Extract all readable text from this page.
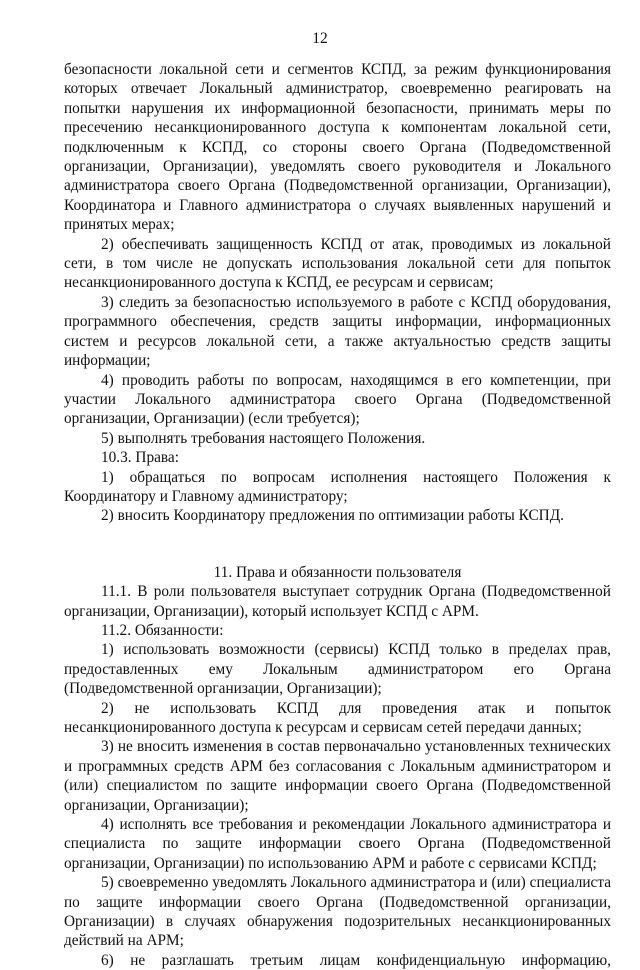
12

безопасности локальной сети и сегментов КСПД, за режим функционирования которых отвечает Локальный администратор, своевременно реагировать на попытки нарушения их информационной безопасности, принимать меры по пресечению несанкционированного доступа к компонентам локальной сети, подключенным к КСПД, со стороны своего Органа (Подведомственной организации, Организации), уведомлять своего руководителя и Локального администратора своего Органа (Подведомственной организации, Организации), Координатора и Главного администратора о случаях выявленных нарушений и принятых мерах;

2) обеспечивать защищенность КСПД от атак, проводимых из локальной сети, в том числе не допускать использования локальной сети для попыток несанкционированного доступа к КСПД, ее ресурсам и сервисам;

3) следить за безопасностью используемого в работе с КСПД оборудования, программного обеспечения, средств защиты информации, информационных систем и ресурсов локальной сети, а также актуальностью средств защиты информации;

4) проводить работы по вопросам, находящимся в его компетенции, при участии Локального администратора своего Органа (Подведомственной организации, Организации) (если требуется);

5) выполнять требования настоящего Положения.

10.3. Права:

1) обращаться по вопросам исполнения настоящего Положения к Координатору и Главному администратору;

2) вносить Координатору предложения по оптимизации работы КСПД.

11. Права и обязанности пользователя

11.1. В роли пользователя выступает сотрудник Органа (Подведомственной организации, Организации), который использует КСПД с АРМ.

11.2. Обязанности:

1) использовать возможности (сервисы) КСПД только в пределах прав, предоставленных ему Локальным администратором его Органа (Подведомственной организации, Организации);

2) не использовать КСПД для проведения атак и попыток несанкционированного доступа к ресурсам и сервисам сетей передачи данных;

3) не вносить изменения в состав первоначально установленных технических и программных средств АРМ без согласования с Локальным администратором и (или) специалистом по защите информации своего Органа (Подведомственной организации, Организации);

4) исполнять все требования и рекомендации Локального администратора и специалиста по защите информации своего Органа (Подведомственной организации, Организации) по использованию АРМ и работе с сервисами КСПД;

5) своевременно уведомлять Локального администратора и (или) специалиста по защите информации своего Органа (Подведомственной организации, Организации) в случаях обнаружения подозрительных несанкционированных действий на АРМ;

6) не разглашать третьим лицам конфиденциальную информацию,
